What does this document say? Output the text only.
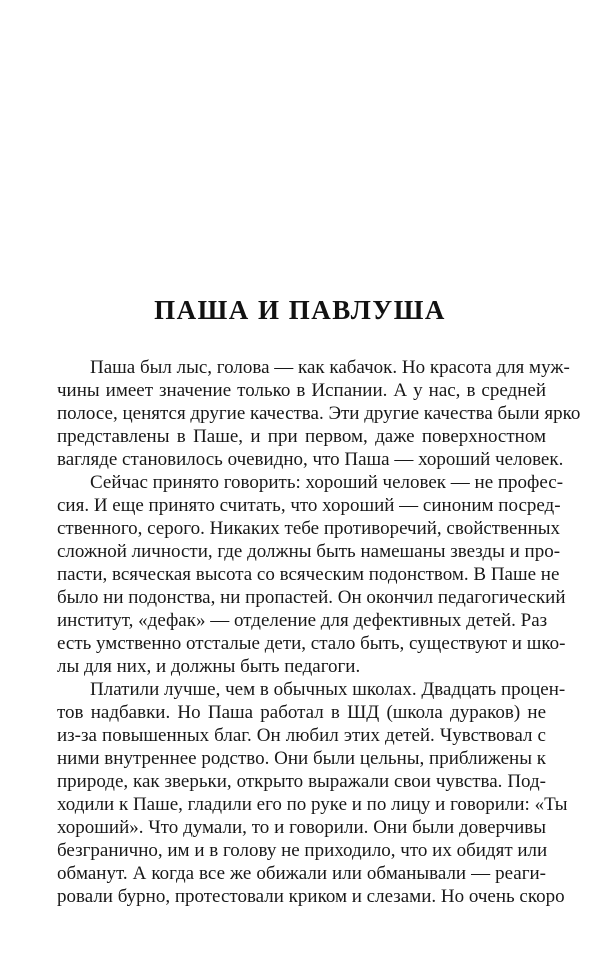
ПАША И ПАВЛУША
Паша был лыс, голова — как кабачок. Но красота для муж-
чины имеет значение только в Испании. А у нас, в средней
полосе, ценятся другие качества. Эти другие качества были ярко
представлены в Паше, и при первом, даже поверхностном
вагляде становилось очевидно, что Паша — хороший человек.
Сейчас принято говорить: хороший человек — не профес-
сия. И еще принято считать, что хороший — синоним посред-
ственного, серого. Никаких тебе противоречий, свойственных
сложной личности, где должны быть намешаны звезды и про-
пасти, всяческая высота со всяческим подонством. В Паше не
было ни подонства, ни пропастей. Он окончил педагогический
институт, «дефак» — отделение для дефективных детей. Раз
есть умственно отсталые дети, стало быть, существуют и шко-
лы для них, и должны быть педагоги.
Платили лучше, чем в обычных школах. Двадцать процен-
тов надбавки. Но Паша работал в ШД (школа дураков) не
из-за повышенных благ. Он любил этих детей. Чувствовал с
ними внутреннее родство. Они были цельны, приближены к
природе, как зверьки, открыто выражали свои чувства. Под-
ходили к Паше, гладили его по руке и по лицу и говорили: «Ты
хороший». Что думали, то и говорили. Они были доверчивы
безгранично, им и в голову не приходило, что их обидят или
обманут. А когда все же обижали или обманывали — реаги-
ровали бурно, протестовали криком и слезами. Но очень скоро
